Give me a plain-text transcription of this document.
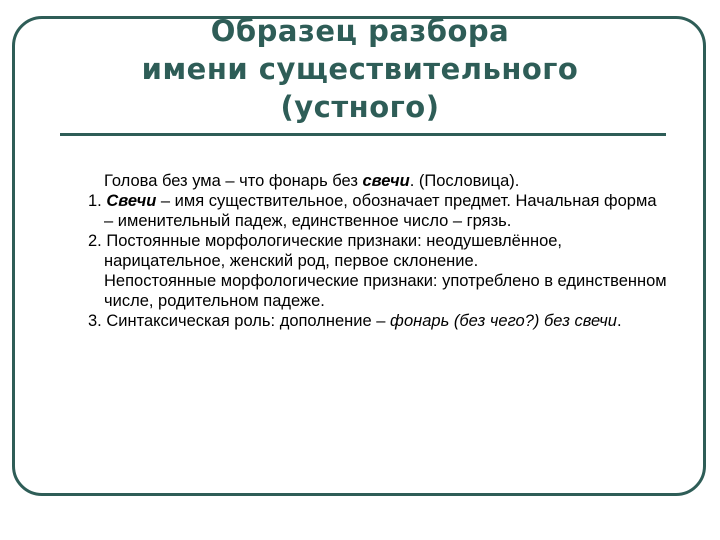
Образец разбора
имени существительного
(устного)

Голова без ума – что фонарь без свечи. (Пословица).

1. Свечи – имя существительное, обозначает предмет. Начальная форма – именительный падеж, единственное число – грязь.

2. Постоянные морфологические признаки: неодушевлённое, нарицательное, женский род, первое склонение.

Непостоянные морфологические признаки: употреблено в единственном числе, родительном падеже.

3. Синтаксическая роль: дополнение – фонарь (без чего?) без свечи.
